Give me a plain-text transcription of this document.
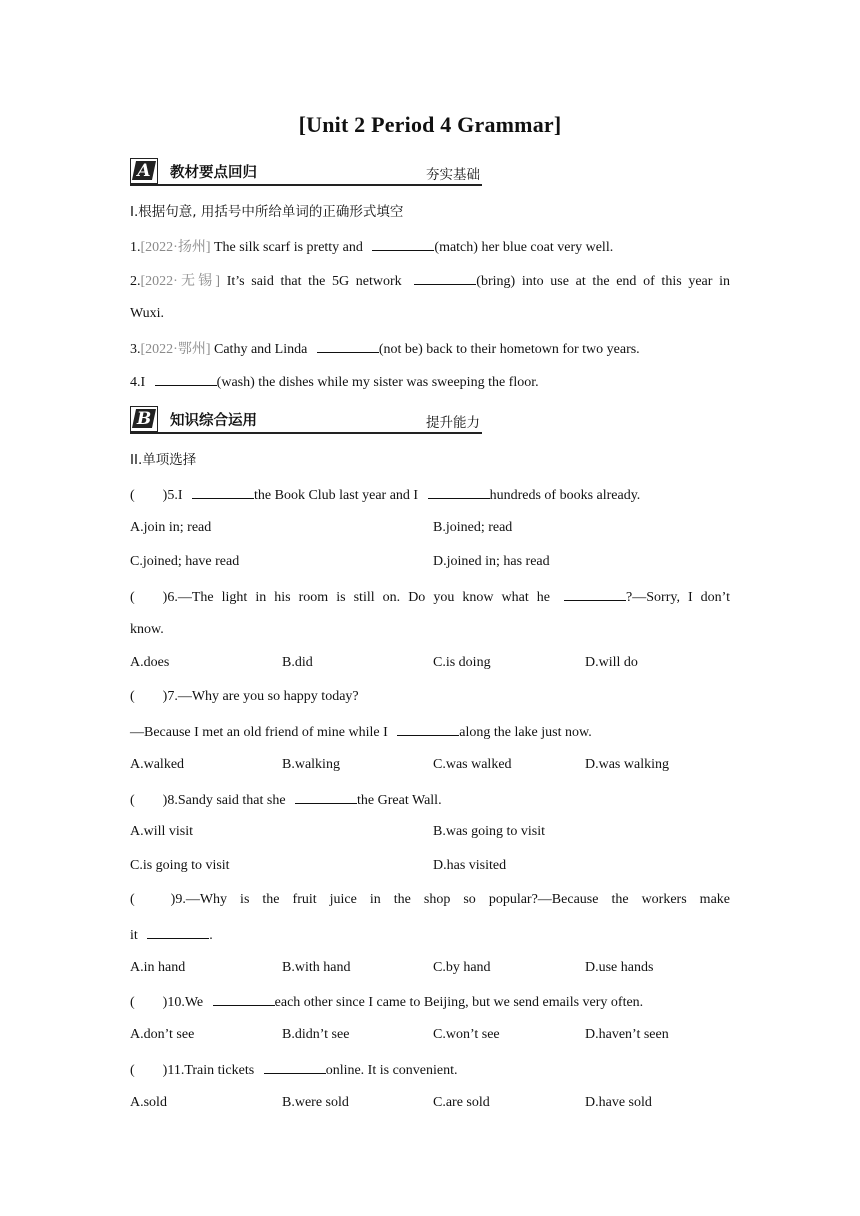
[Unit 2 Period 4 Grammar]
A	教材要点回归	夯实基础
I.根据句意, 用括号中所给单词的正确形式填空
1.[2022·扬州] The silk scarf is pretty and	(match) her blue coat very well.
2.[2022·无锡] It’s said that the 5G network	(bring) into use at the end of this year in
Wuxi.
3.[2022·鄂州] Cathy and Linda	(not be) back to their hometown for two years.
4.I	(wash) the dishes while my sister was sweeping the floor.
B	知识综合运用	提升能力
II.单项选择
( )5.I	the Book Club last year and I	hundreds of books already.
A.join in; read	B.joined; read
C.joined; have read	D.joined in; has read
( )6.—The light in his room is still on. Do you know what he	?—Sorry, I don’t
know.
A.does	B.did	C.is doing	D.will do
( )7.—Why are you so happy today?
—Because I met an old friend of mine while I	along the lake just now.
A.walked	B.walking	C.was walked	D.was walking
( )8.Sandy said that she	the Great Wall.
A.will visit	B.was going to visit
C.is going to visit	D.has visited
(	)9.—Why is the fruit juice in the shop so popular?—Because the workers make
it	.
A.in hand	B.with hand	C.by hand	D.use hands
( )10.We	each other since I came to Beijing, but we send emails very often.
A.don’t see	B.didn’t see	C.won’t see	D.haven’t seen
( )11.Train tickets	online. It is convenient.
A.sold	B.were sold	C.are sold	D.have sold
